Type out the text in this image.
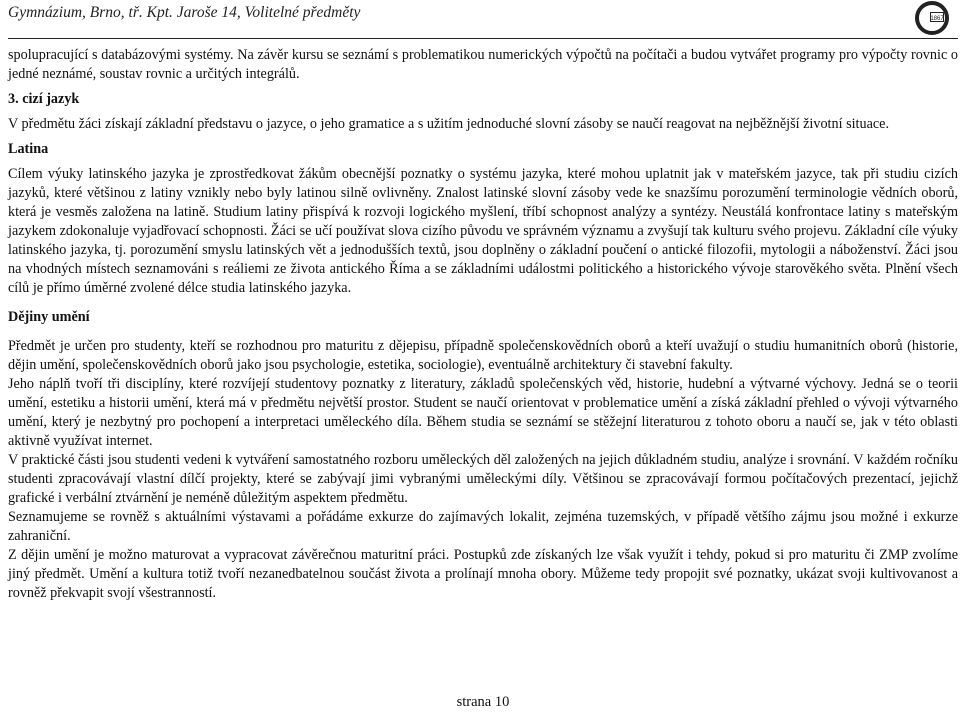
Gymnázium, Brno, tř. Kpt. Jaroše 14, Volitelné předměty	1867

spolupracující s databázovými systémy. Na závěr kursu se seznámí s problematikou numerických výpočtů na počítači a budou vytvářet programy pro výpočty rovnic o jedné neznámé, soustav rovnic a určitých integrálů.

3. cizí jazyk

V předmětu žáci získají základní představu o jazyce, o jeho gramatice a s užitím jednoduché slovní zásoby se naučí reagovat na nejběžnější životní situace.

Latina

Cílem výuky latinského jazyka je zprostředkovat žákům obecnější poznatky o systému jazyka, které mohou uplatnit jak v mateřském jazyce, tak při studiu cizích jazyků, které většinou z latiny vznikly nebo byly latinou silně ovlivněny. Znalost latinské slovní zásoby vede ke snazšímu porozumění terminologie vědních oborů, která je vesměs založena na latině. Studium latiny přispívá k rozvoji logického myšlení, tříbí schopnost analýzy a syntézy. Neustálá konfrontace latiny s mateřským jazykem zdokonaluje vyjadřovací schopnosti. Žáci se učí používat slova cizího původu ve správném významu a zvyšují tak kulturu svého projevu. Základní cíle výuky latinského jazyka, tj. porozumění smyslu latinských vět a jednodušších textů, jsou doplněny o základní poučení o antické filozofii, mytologii a náboženství. Žáci jsou na vhodných místech seznamováni s reáliemi ze života antického Říma a se základními událostmi politického a historického vývoje starověkého světa. Plnění všech cílů je přímo úměrné zvolené délce studia latinského jazyka.

Dějiny umění

Předmět je určen pro studenty, kteří se rozhodnou pro maturitu z dějepisu, případně společenskovědních oborů a kteří uvažují o studiu humanitních oborů (historie, dějin umění, společenskovědních oborů jako jsou psychologie, estetika, sociologie), eventuálně architektury či stavební fakulty.

Jeho náplň tvoří tři disciplíny, které rozvíjejí studentovy poznatky z literatury, základů společenských věd, historie, hudební a výtvarné výchovy. Jedná se o teorii umění, estetiku a historii umění, která má v předmětu největší prostor. Student se naučí orientovat v problematice umění a získá základní přehled o vývoji výtvarného umění, který je nezbytný pro pochopení a interpretaci uměleckého díla. Během studia se seznámí se stěžejní literaturou z tohoto oboru a naučí se, jak v této oblasti aktivně využívat internet.

V praktické části jsou studenti vedeni k vytváření samostatného rozboru uměleckých děl založených na jejich důkladném studiu, analýze i srovnání. V každém ročníku studenti zpracovávají vlastní dílčí projekty, které se zabývají jimi vybranými uměleckými díly. Většinou se zpracovávají formou počítačových prezentací, jejichž grafické i verbální ztvárnění je neméně důležitým aspektem předmětu.

Seznamujeme se rovněž s aktuálními výstavami a pořádáme exkurze do zajímavých lokalit, zejména tuzemských, v případě většího zájmu jsou možné i exkurze zahraniční.

Z dějin umění je možno maturovat a vypracovat závěrečnou maturitní práci. Postupků zde získaných lze však využít i tehdy, pokud si pro maturitu či ZMP zvolíme jiný předmět. Umění a kultura totiž tvoří nezanedbatelnou součást života a prolínají mnoha obory. Můžeme tedy propojit své poznatky, ukázat svoji kultivovanost a rovněž překvapit svojí všestranností.

strana 10
